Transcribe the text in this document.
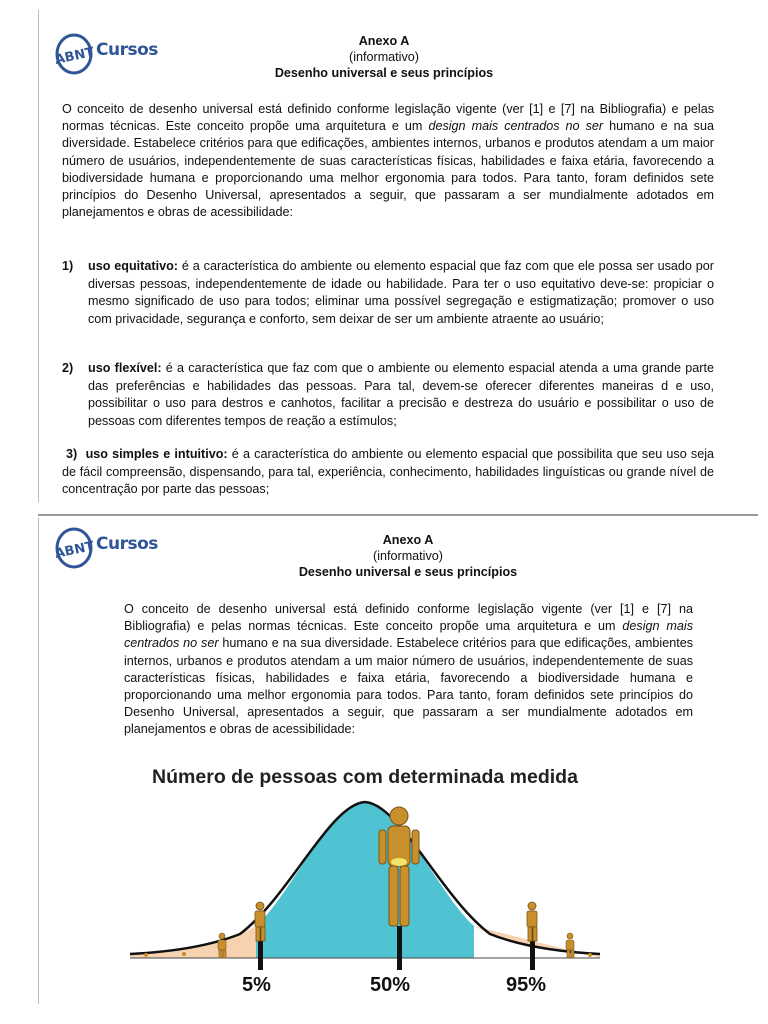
ABNT Cursos	Anexo A
(informativo)
Desenho universal e seus princípios
O conceito de desenho universal está definido conforme legislação vigente (ver [1] e [7] na Bibliografia) e pelas normas técnicas. Este conceito propõe uma arquitetura e um design mais centrados no ser humano e na sua diversidade. Estabelece critérios para que edificações, ambientes internos, urbanos e produtos atendam a um maior número de usuários, independentemente de suas características físicas, habilidades e faixa etária, favorecendo a biodiversidade humana e proporcionando uma melhor ergonomia para todos. Para tanto, foram definidos sete princípios do Desenho Universal, apresentados a seguir, que passaram a ser mundialmente adotados em planejamentos e obras de acessibilidade:
1) uso equitativo: é a característica do ambiente ou elemento espacial que faz com que ele possa ser usado por diversas pessoas, independentemente de idade ou habilidade. Para ter o uso equitativo deve-se: propiciar o mesmo significado de uso para todos; eliminar uma possível segregação e estigmatização; promover o uso com privacidade, segurança e conforto, sem deixar de ser um ambiente atraente ao usuário;
2) uso flexível: é a característica que faz com que o ambiente ou elemento espacial atenda a uma grande parte das preferências e habilidades das pessoas. Para tal, devem-se oferecer diferentes maneiras d e uso, possibilitar o uso para destros e canhotos, facilitar a precisão e destreza do usuário e possibilitar o uso de pessoas com diferentes tempos de reação a estímulos;
3) uso simples e intuitivo: é a característica do ambiente ou elemento espacial que possibilita que seu uso seja de fácil compreensão, dispensando, para tal, experiência, conhecimento, habilidades linguísticas ou grande nível de concentração por parte das pessoas;
ABNT Cursos	Anexo A
(informativo)
Desenho universal e seus princípios
O conceito de desenho universal está definido conforme legislação vigente (ver [1] e [7] na Bibliografia) e pelas normas técnicas. Este conceito propõe uma arquitetura e um design mais centrados no ser humano e na sua diversidade. Estabelece critérios para que edificações, ambientes internos, urbanos e produtos atendam a um maior número de usuários, independentemente de suas características físicas, habilidades e faixa etária, favorecendo a biodiversidade humana e proporcionando uma melhor ergonomia para todos. Para tanto, foram definidos sete princípios do Desenho Universal, apresentados a seguir, que passaram a ser mundialmente adotados em planejamentos e obras de acessibilidade:
Número de pessoas com determinada medida
5%	50%	95%
